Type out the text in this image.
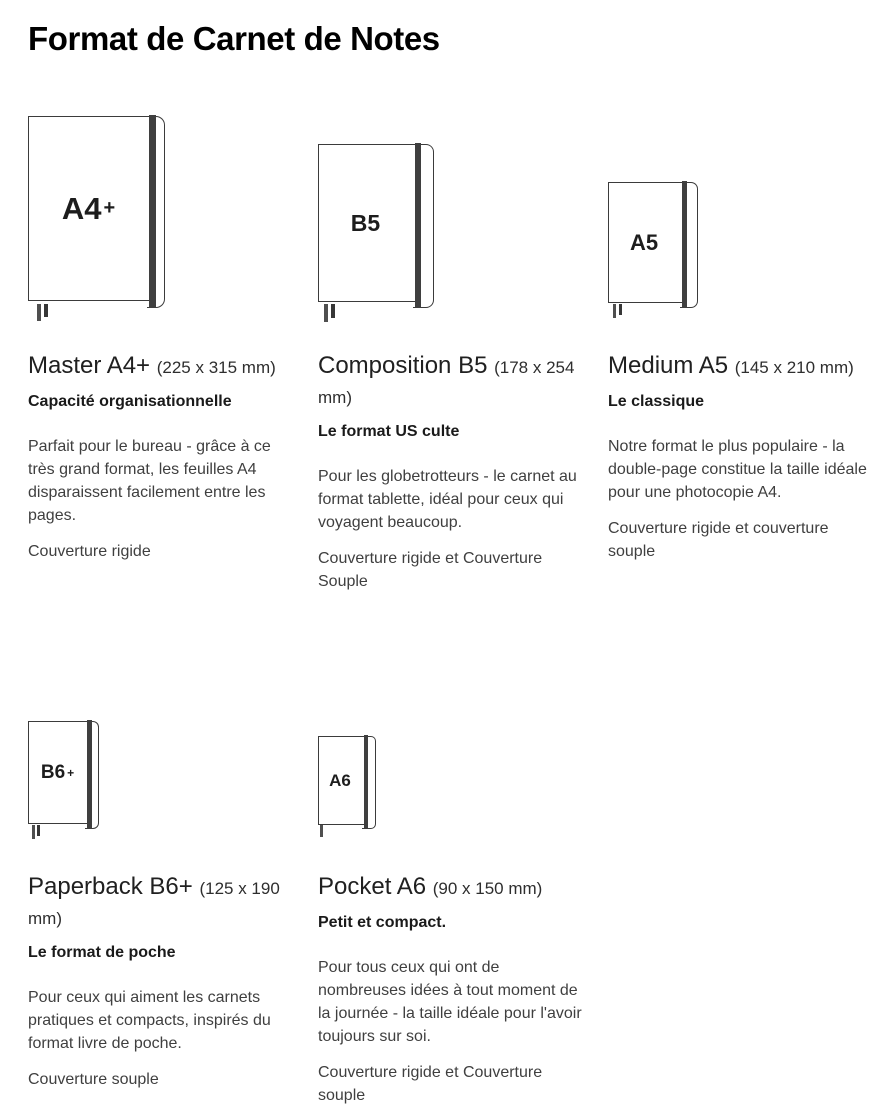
Format de Carnet de Notes
A4 +
Master A4+ (225 x 315 mm)
Capacité organisationnelle

Parfait pour le bureau - grâce à ce très grand format, les feuilles A4 disparaissent facilement entre les pages.

Couverture rigide

B5
Composition B5 (178 x 254 mm)
Le format US culte

Pour les globetrotteurs - le carnet au format tablette, idéal pour ceux qui voyagent beaucoup.

Couverture rigide et Couverture Souple

A5
Medium A5 (145 x 210 mm)
Le classique

Notre format le plus populaire - la double-page constitue la taille idéale pour une photocopie A4.

Couverture rigide et couverture souple

B6 +
Paperback B6+ (125 x 190 mm)
Le format de poche

Pour ceux qui aiment les carnets pratiques et compacts, inspirés du format livre de poche.

Couverture souple

A6
Pocket A6 (90 x 150 mm)
Petit et compact.

Pour tous ceux qui ont de nombreuses idées à tout moment de la journée - la taille idéale pour l'avoir toujours sur soi.

Couverture rigide et Couverture souple
